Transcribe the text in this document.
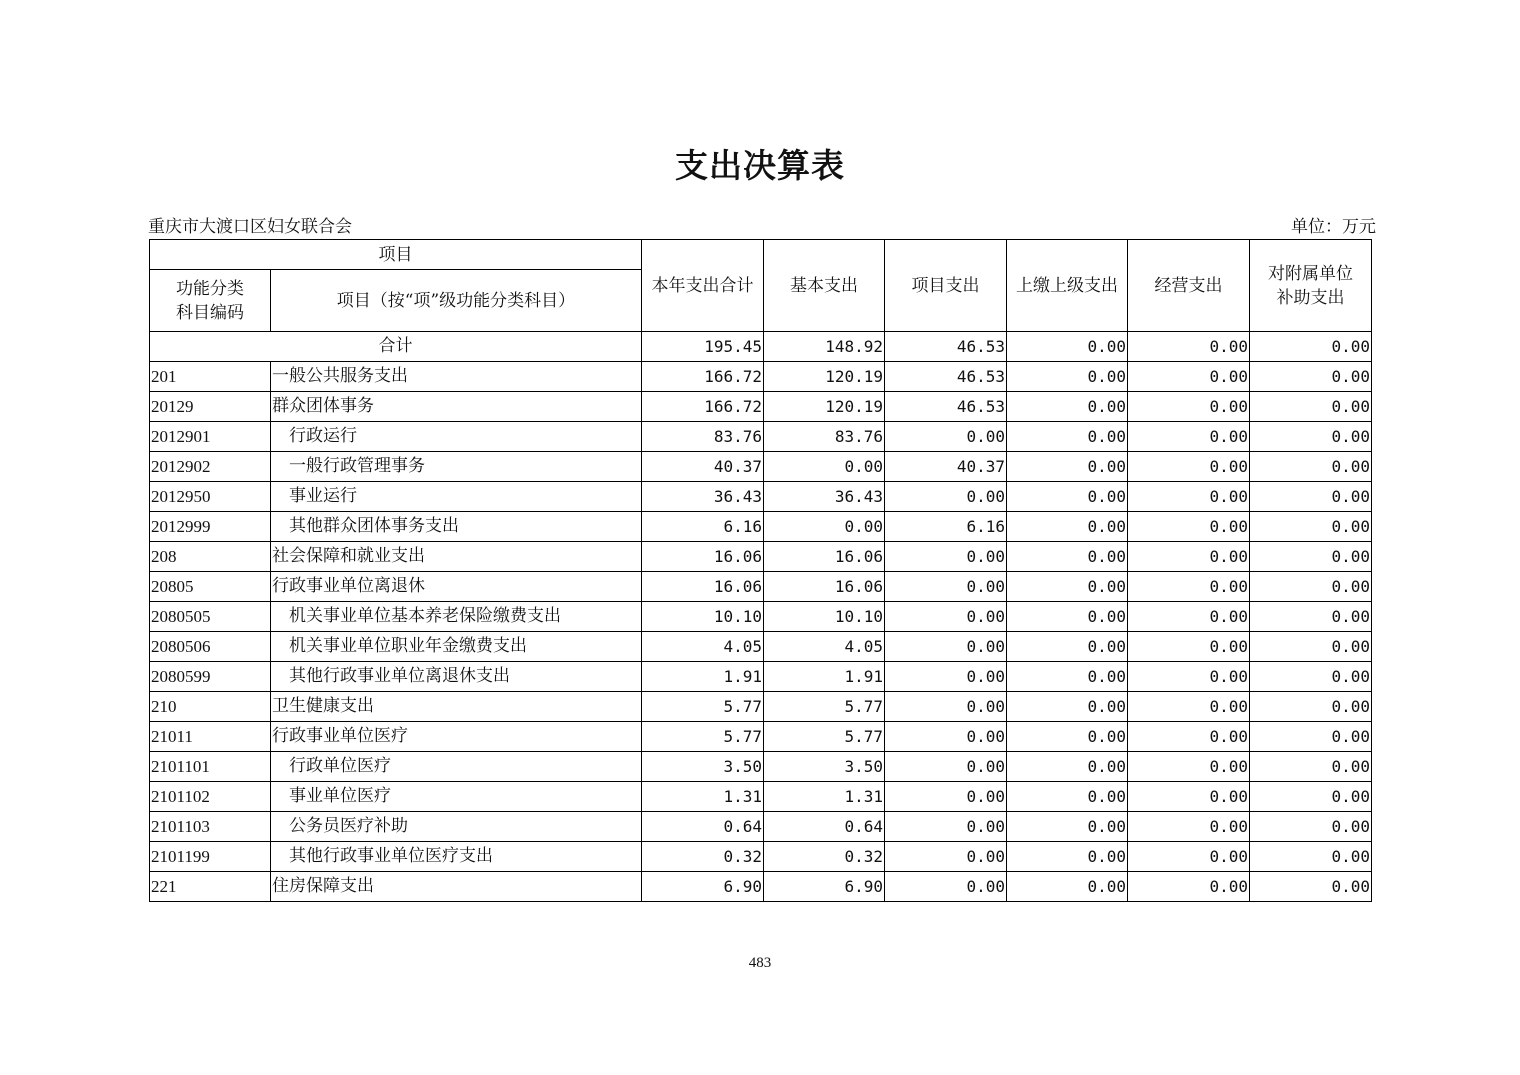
支出决算表
重庆市大渡口区妇女联合会	单位：万元
项目		本年支出合计	基本支出	项目支出	上缴上级支出	经营支出	对附属单位
补助支出
功能分类
科目编码	项目（按“项”级功能分类科目）						
合计		195.45	148.92	46.53	0.00	0.00	0.00
201	一般公共服务支出	166.72	120.19	46.53	0.00	0.00	0.00
20129	群众团体事务	166.72	120.19	46.53	0.00	0.00	0.00
2012901	行政运行	83.76	83.76	0.00	0.00	0.00	0.00
2012902	一般行政管理事务	40.37	0.00	40.37	0.00	0.00	0.00
2012950	事业运行	36.43	36.43	0.00	0.00	0.00	0.00
2012999	其他群众团体事务支出	6.16	0.00	6.16	0.00	0.00	0.00
208	社会保障和就业支出	16.06	16.06	0.00	0.00	0.00	0.00
20805	行政事业单位离退休	16.06	16.06	0.00	0.00	0.00	0.00
2080505	机关事业单位基本养老保险缴费支出	10.10	10.10	0.00	0.00	0.00	0.00
2080506	机关事业单位职业年金缴费支出	4.05	4.05	0.00	0.00	0.00	0.00
2080599	其他行政事业单位离退休支出	1.91	1.91	0.00	0.00	0.00	0.00
210	卫生健康支出	5.77	5.77	0.00	0.00	0.00	0.00
21011	行政事业单位医疗	5.77	5.77	0.00	0.00	0.00	0.00
2101101	行政单位医疗	3.50	3.50	0.00	0.00	0.00	0.00
2101102	事业单位医疗	1.31	1.31	0.00	0.00	0.00	0.00
2101103	公务员医疗补助	0.64	0.64	0.00	0.00	0.00	0.00
2101199	其他行政事业单位医疗支出	0.32	0.32	0.00	0.00	0.00	0.00
221	住房保障支出	6.90	6.90	0.00	0.00	0.00	0.00
483
